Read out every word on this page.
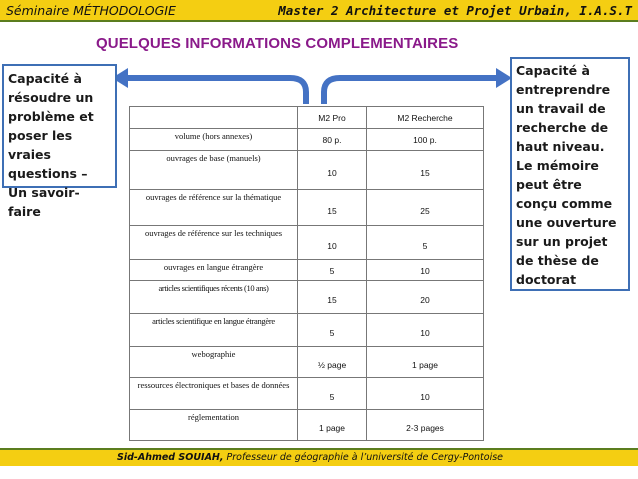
Séminaire MÉTHODOLOGIE	Master 2 Architecture et Projet Urbain, I.A.S.T
QUELQUES INFORMATIONS COMPLEMENTAIRES
Capacité à
résoudre un
problème et
poser les vraies
questions –
Un savoir-faire
Capacité à
entreprendre
un travail de
recherche de
haut niveau.
Le mémoire
peut être
conçu comme
une ouverture
sur un projet
de thèse de
doctorat
	M2 Pro	M2 Recherche
volume (hors annexes)	80 p.	100 p.
ouvrages de base (manuels)	10	15
ouvrages de référence sur la thématique	15	25
ouvrages de référence sur les techniques	10	5
ouvrages en langue étrangère	5	10
articles scientifiques récents (10 ans)	15	20
articles scientifique en langue étrangère	5	10
webographie	½ page	1 page
ressources électroniques et bases de données	5	10
réglementation	1 page	2-3 pages
Sid-Ahmed SOUIAH, Professeur de géographie à l’université de Cergy-Pontoise
